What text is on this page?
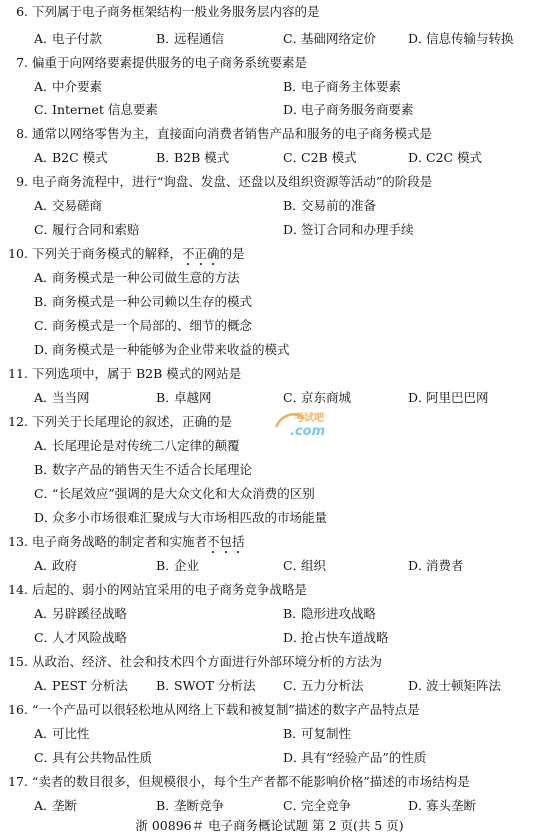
6. 下列属于电子商务框架结构一般业务服务层内容的是
A．电子付款	B．远程通信	C．基础网络定价	D．信息传输与转换
7. 偏重于向网络要素提供服务的电子商务系统要素是
A．中介要素	B．电子商务主体要素
C．Internet 信息要素	D．电子商务服务商要素
8. 通常以网络零售为主，直接面向消费者销售产品和服务的电子商务模式是
A．B2C 模式	B．B2B 模式	C．C2B 模式	D．C2C 模式
9. 电子商务流程中，进行“询盘、发盘、还盘以及组织资源等活动”的阶段是
A．交易磋商	B．交易前的准备
C．履行合同和索赔	D．签订合同和办理手续
10. 下列关于商务模式的解释，不正确的是
A．商务模式是一种公司做生意的方法
B．商务模式是一种公司赖以生存的模式
C．商务模式是一个局部的、细节的概念
D．商务模式是一种能够为企业带来收益的模式
11. 下列选项中，属于 B2B 模式的网站是
A．当当网	B．卓越网	C．京东商城	D．阿里巴巴网
考试吧
.com
12. 下列关于长尾理论的叙述，正确的是
A．长尾理论是对传统二八定律的颠覆
B．数字产品的销售天生不适合长尾理论
C．“长尾效应”强调的是大众文化和大众消费的区别
D．众多小市场很难汇聚成与大市场相匹敌的市场能量
13. 电子商务战略的制定者和实施者不包括
A．政府	B．企业	C．组织	D．消费者
14. 后起的、弱小的网站宜采用的电子商务竞争战略是
A．另辟蹊径战略	B．隐形进攻战略
C．人才风险战略	D．抢占快车道战略
15. 从政治、经济、社会和技术四个方面进行外部环境分析的方法为
A．PEST 分析法 B．SWOT 分析法 C．五力分析法	D．波士顿矩阵法
16. “一个产品可以很轻松地从网络上下载和被复制”描述的数字产品特点是
A．可比性	B．可复制性
C．具有公共物品性质	D．具有“经验产品”的性质
17. “卖者的数目很多，但规模很小，每个生产者都不能影响价格”描述的市场结构是
A．垄断	B．垄断竞争	C．完全竞争	D．寡头垄断
浙 00896＃ 电子商务概论试题 第 2 页(共 5 页)
